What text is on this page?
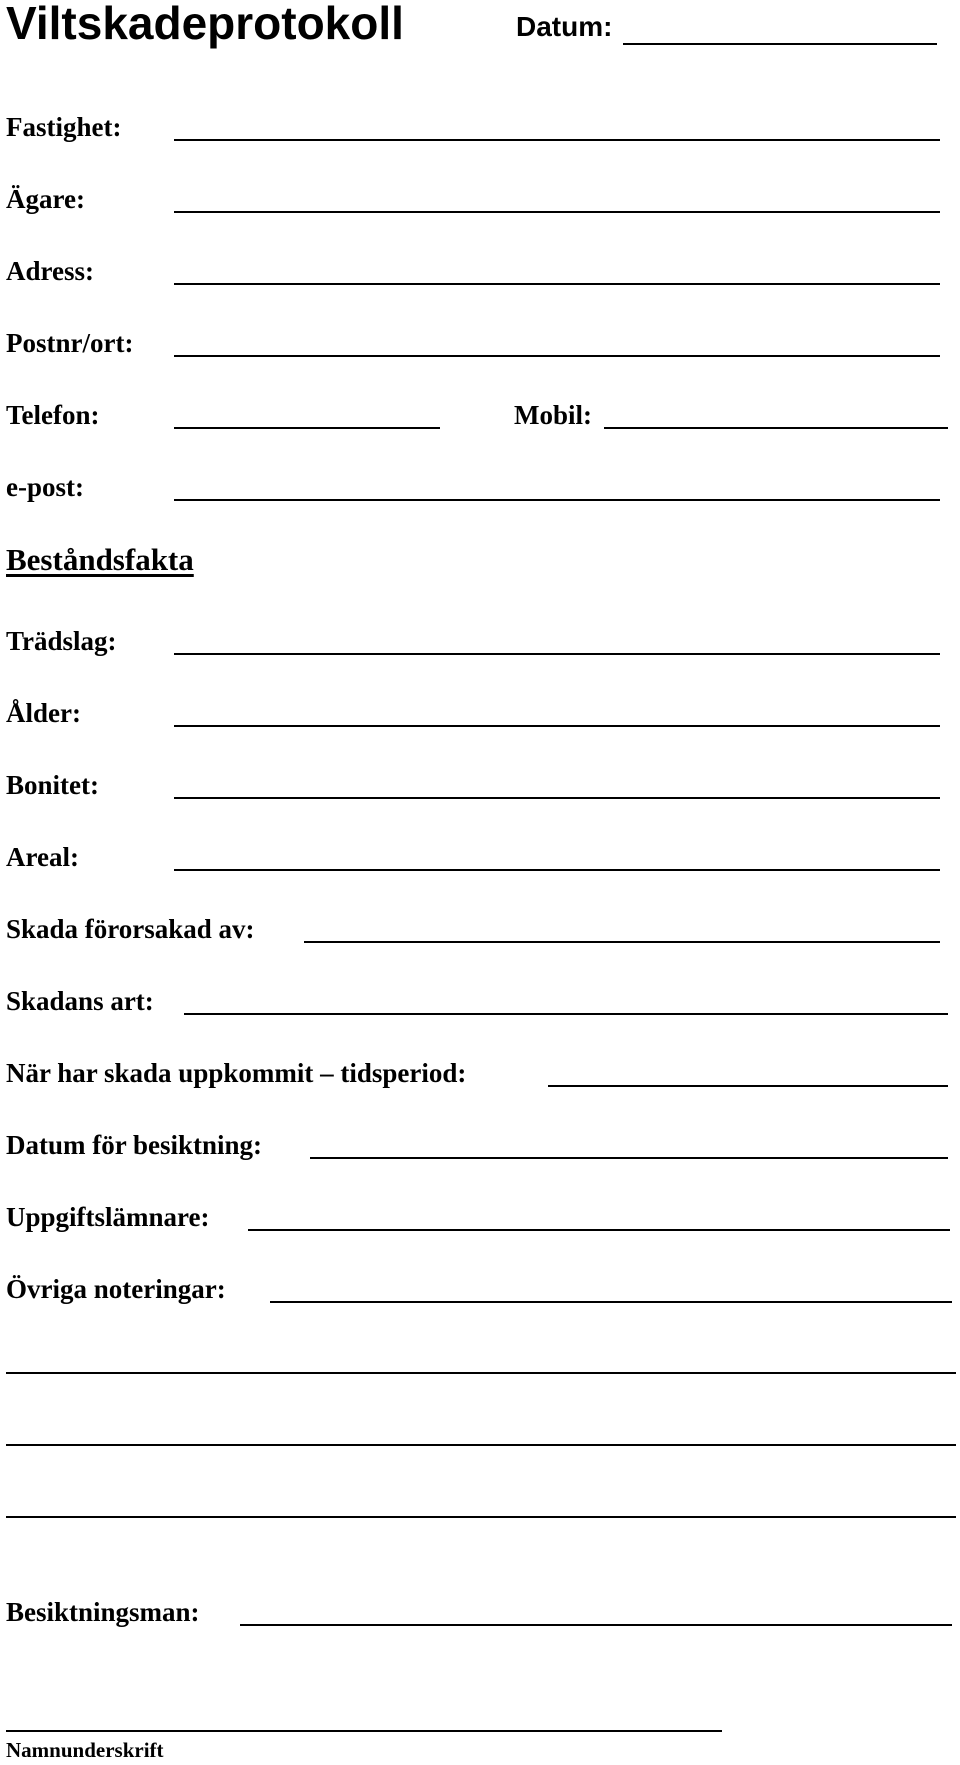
Viltskadeprotokoll	Datum:
Fastighet:
Ägare:
Adress:
Postnr/ort:
Telefon:	Mobil:
e-post:
Beståndsfakta
Trädslag:
Ålder:
Bonitet:
Areal:
Skada förorsakad av:
Skadans art:
När har skada uppkommit – tidsperiod:
Datum för besiktning:
Uppgiftslämnare:
Övriga noteringar:
Besiktningsman:
Namnunderskrift
